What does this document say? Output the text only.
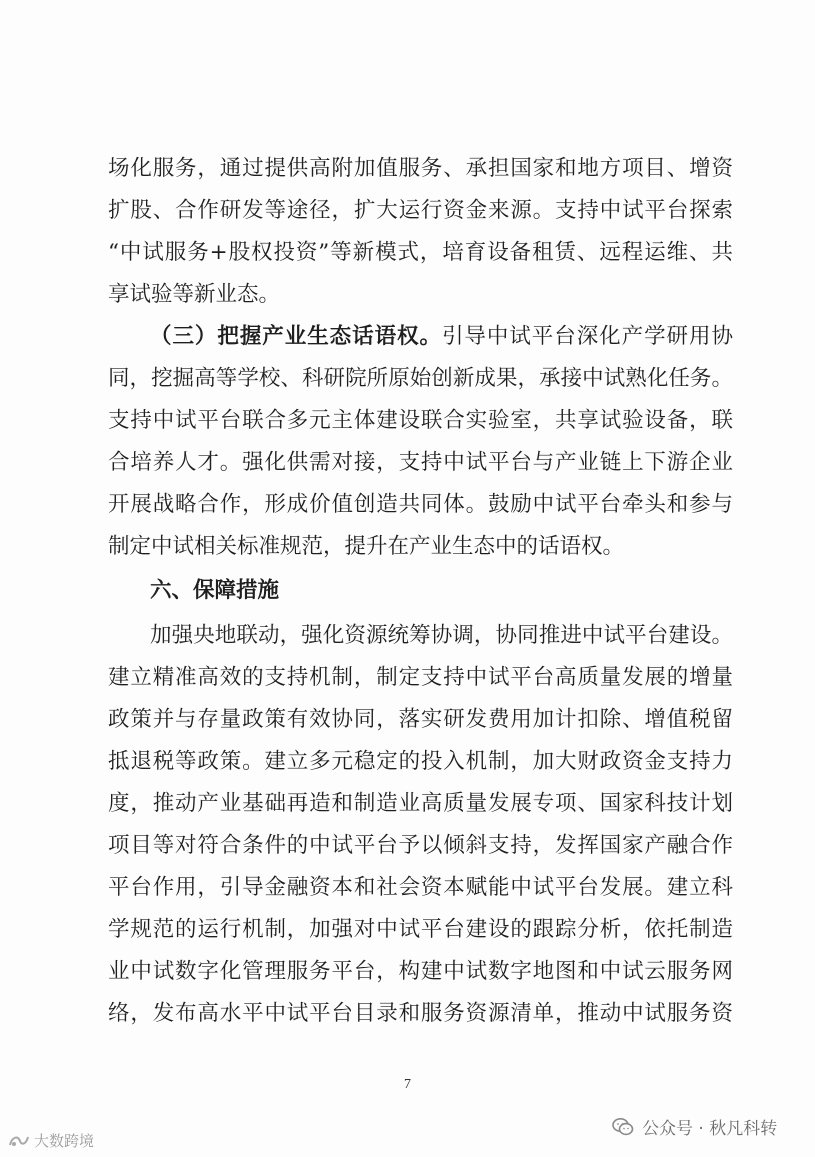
场化服务，通过提供高附加值服务、承担国家和地方项目、增资
扩股、合作研发等途径，扩大运行资金来源。支持中试平台探索
“中试服务+股权投资”等新模式，培育设备租赁、远程运维、共
享试验等新业态。
（三）把握产业生态话语权。引导中试平台深化产学研用协
同，挖掘高等学校、科研院所原始创新成果，承接中试熟化任务。
支持中试平台联合多元主体建设联合实验室，共享试验设备，联
合培养人才。强化供需对接，支持中试平台与产业链上下游企业
开展战略合作，形成价值创造共同体。鼓励中试平台牵头和参与
制定中试相关标准规范，提升在产业生态中的话语权。
六、保障措施
加强央地联动，强化资源统筹协调，协同推进中试平台建设。
建立精准高效的支持机制，制定支持中试平台高质量发展的增量
政策并与存量政策有效协同，落实研发费用加计扣除、增值税留
抵退税等政策。建立多元稳定的投入机制，加大财政资金支持力
度，推动产业基础再造和制造业高质量发展专项、国家科技计划
项目等对符合条件的中试平台予以倾斜支持，发挥国家产融合作
平台作用，引导金融资本和社会资本赋能中试平台发展。建立科
学规范的运行机制，加强对中试平台建设的跟踪分析，依托制造
业中试数字化管理服务平台，构建中试数字地图和中试云服务网
络，发布高水平中试平台目录和服务资源清单，推动中试服务资
7
大数跨境
公众号 · 秋凡科转
